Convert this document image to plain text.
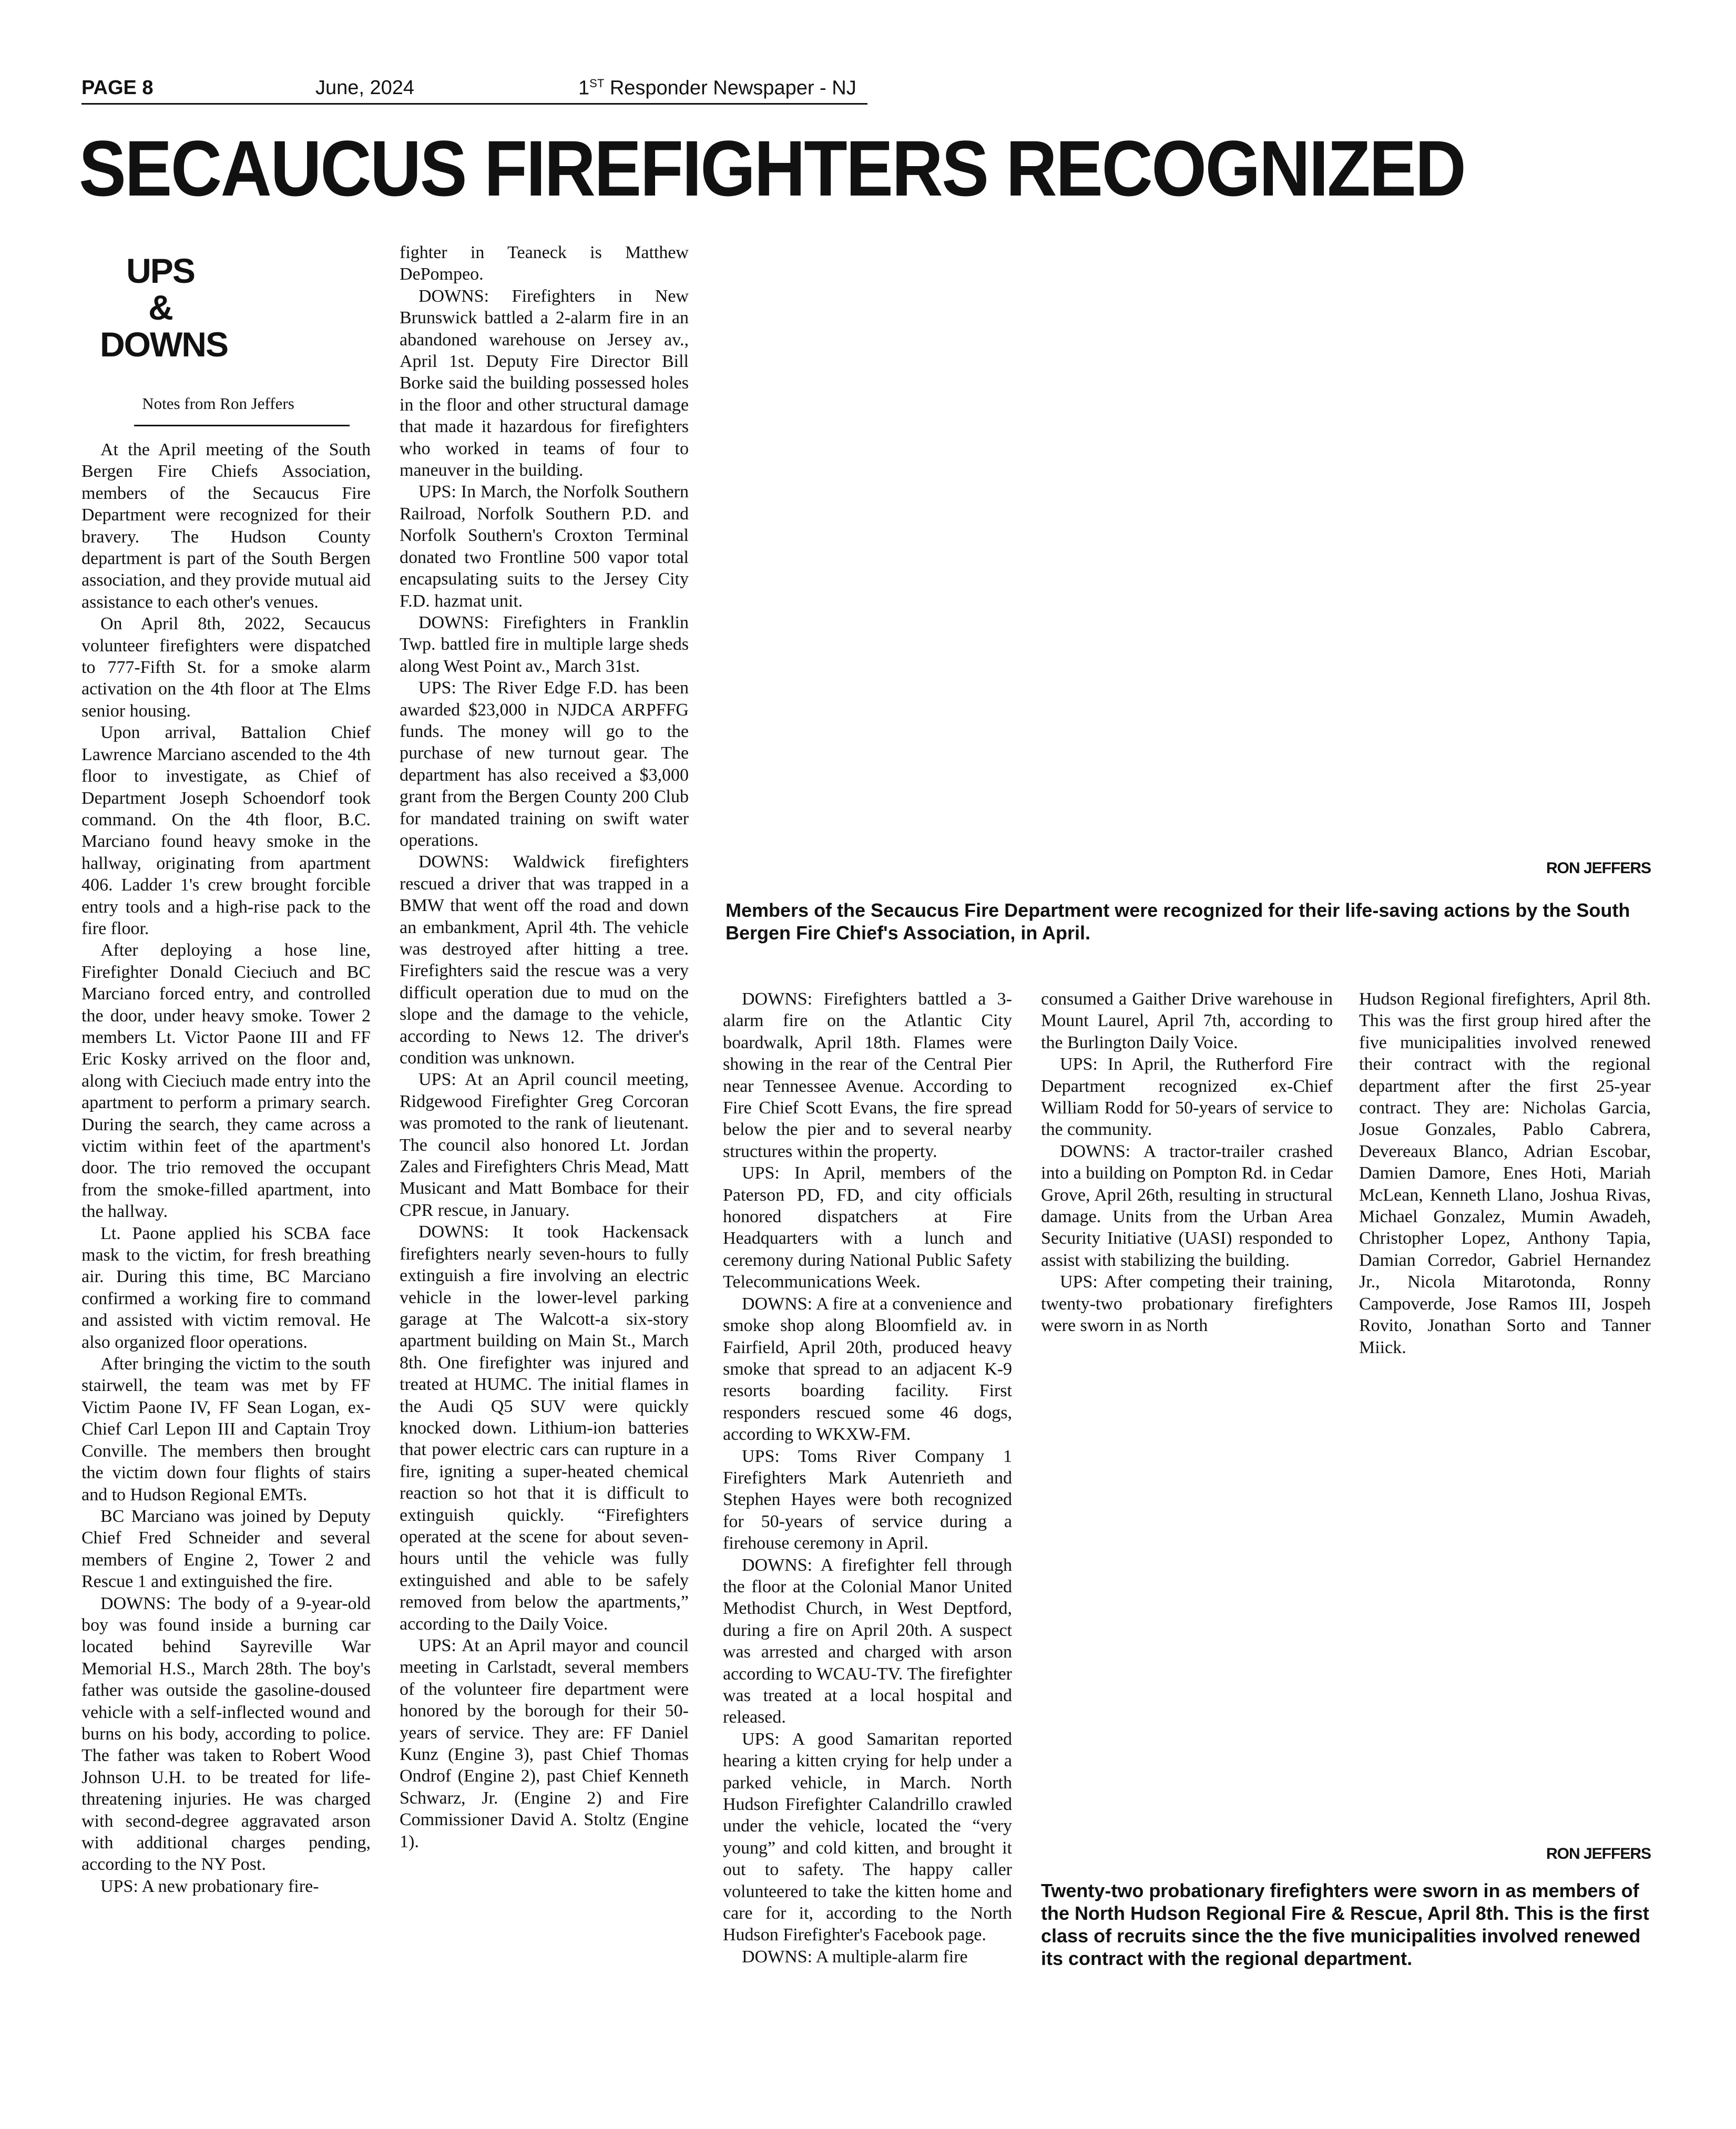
PAGE 8	June, 2024	1ST Responder Newspaper - NJ
SECAUCUS FIREFIGHTERS RECOGNIZED
UPS
&
DOWNS
Notes from Ron Jeffers

At the April meeting of the South Bergen Fire Chiefs Association, members of the Secaucus Fire Department were recognized for their bravery. The Hudson County department is part of the South Bergen association, and they provide mutual aid assistance to each other's venues.

On April 8th, 2022, Secaucus volunteer firefighters were dispatched to 777-Fifth St. for a smoke alarm activation on the 4th floor at The Elms senior housing.

Upon arrival, Battalion Chief Lawrence Marciano ascended to the 4th floor to investigate, as Chief of Department Joseph Schoendorf took command. On the 4th floor, B.C. Marciano found heavy smoke in the hallway, originating from apartment 406. Ladder 1's crew brought forcible entry tools and a high-rise pack to the fire floor.

After deploying a hose line, Firefighter Donald Cieciuch and BC Marciano forced entry, and controlled the door, under heavy smoke. Tower 2 members Lt. Victor Paone III and FF Eric Kosky arrived on the floor and, along with Cieciuch made entry into the apartment to perform a primary search. During the search, they came across a victim within feet of the apartment's door. The trio removed the occupant from the smoke-filled apartment, into the hallway.

Lt. Paone applied his SCBA face mask to the victim, for fresh breathing air. During this time, BC Marciano confirmed a working fire to command and assisted with victim removal. He also organized floor operations.

After bringing the victim to the south stairwell, the team was met by FF Victim Paone IV, FF Sean Logan, ex-Chief Carl Lepon III and Captain Troy Conville. The members then brought the victim down four flights of stairs and to Hudson Regional EMTs.

BC Marciano was joined by Deputy Chief Fred Schneider and several members of Engine 2, Tower 2 and Rescue 1 and extinguished the fire.

DOWNS: The body of a 9-year-old boy was found inside a burning car located behind Sayreville War Memorial H.S., March 28th. The boy's father was outside the gasoline-doused vehicle with a self-inflected wound and burns on his body, according to police. The father was taken to Robert Wood Johnson U.H. to be treated for life-threatening injuries. He was charged with second-degree aggravated arson with additional charges pending, according to the NY Post.

UPS: A new probationary fire-

fighter in Teaneck is Matthew DePompeo.

DOWNS: Firefighters in New Brunswick battled a 2-alarm fire in an abandoned warehouse on Jersey av., April 1st. Deputy Fire Director Bill Borke said the building possessed holes in the floor and other structural damage that made it hazardous for firefighters who worked in teams of four to maneuver in the building.

UPS: In March, the Norfolk Southern Railroad, Norfolk Southern P.D. and Norfolk Southern's Croxton Terminal donated two Frontline 500 vapor total encapsulating suits to the Jersey City F.D. hazmat unit.

DOWNS: Firefighters in Franklin Twp. battled fire in multiple large sheds along West Point av., March 31st.

UPS: The River Edge F.D. has been awarded $23,000 in NJDCA ARPFFG funds. The money will go to the purchase of new turnout gear. The department has also received a $3,000 grant from the Bergen County 200 Club for mandated training on swift water operations.

DOWNS: Waldwick firefighters rescued a driver that was trapped in a BMW that went off the road and down an embankment, April 4th. The vehicle was destroyed after hitting a tree. Firefighters said the rescue was a very difficult operation due to mud on the slope and the damage to the vehicle, according to News 12. The driver's condition was unknown.

UPS: At an April council meeting, Ridgewood Firefighter Greg Corcoran was promoted to the rank of lieutenant. The council also honored Lt. Jordan Zales and Firefighters Chris Mead, Matt Musicant and Matt Bombace for their CPR rescue, in January.

DOWNS: It took Hackensack firefighters nearly seven-hours to fully extinguish a fire involving an electric vehicle in the lower-level parking garage at The Walcott-a six-story apartment building on Main St., March 8th. One firefighter was injured and treated at HUMC. The initial flames in the Audi Q5 SUV were quickly knocked down. Lithium-ion batteries that power electric cars can rupture in a fire, igniting a super-heated chemical reaction so hot that it is difficult to extinguish quickly. “Firefighters operated at the scene for about seven-hours until the vehicle was fully extinguished and able to be safely removed from below the apartments,” according to the Daily Voice.

UPS: At an April mayor and council meeting in Carlstadt, several members of the volunteer fire department were honored by the borough for their 50-years of service. They are: FF Daniel Kunz (Engine 3), past Chief Thomas Ondrof (Engine 2), past Chief Kenneth Schwarz, Jr. (Engine 2) and Fire Commissioner David A. Stoltz (Engine 1).

RON JEFFERS
Members of the Secaucus Fire Department were recognized for their life-saving actions by the South Bergen Fire Chief's Association, in April.

DOWNS: Firefighters battled a 3-alarm fire on the Atlantic City boardwalk, April 18th. Flames were showing in the rear of the Central Pier near Tennessee Avenue. According to Fire Chief Scott Evans, the fire spread below the pier and to several nearby structures within the property.

UPS: In April, members of the Paterson PD, FD, and city officials honored dispatchers at Fire Headquarters with a lunch and ceremony during National Public Safety Telecommunications Week.

DOWNS: A fire at a convenience and smoke shop along Bloomfield av. in Fairfield, April 20th, produced heavy smoke that spread to an adjacent K-9 resorts boarding facility. First responders rescued some 46 dogs, according to WKXW-FM.

UPS: Toms River Company 1 Firefighters Mark Autenrieth and Stephen Hayes were both recognized for 50-years of service during a firehouse ceremony in April.

DOWNS: A firefighter fell through the floor at the Colonial Manor United Methodist Church, in West Deptford, during a fire on April 20th. A suspect was arrested and charged with arson according to WCAU-TV. The firefighter was treated at a local hospital and released.

UPS: A good Samaritan reported hearing a kitten crying for help under a parked vehicle, in March. North Hudson Firefighter Calandrillo crawled under the vehicle, located the “very young” and cold kitten, and brought it out to safety. The happy caller volunteered to take the kitten home and care for it, according to the North Hudson Firefighter's Facebook page.

DOWNS: A multiple-alarm fire

consumed a Gaither Drive warehouse in Mount Laurel, April 7th, according to the Burlington Daily Voice.

UPS: In April, the Rutherford Fire Department recognized ex-Chief William Rodd for 50-years of service to the community.

DOWNS: A tractor-trailer crashed into a building on Pompton Rd. in Cedar Grove, April 26th, resulting in structural damage. Units from the Urban Area Security Initiative (UASI) responded to assist with stabilizing the building.

UPS: After competing their training, twenty-two probationary firefighters were sworn in as North

Hudson Regional firefighters, April 8th. This was the first group hired after the five municipalities involved renewed their contract with the regional department after the first 25-year contract. They are: Nicholas Garcia, Josue Gonzales, Pablo Cabrera, Devereaux Blanco, Adrian Escobar, Damien Damore, Enes Hoti, Mariah McLean, Kenneth Llano, Joshua Rivas, Michael Gonzalez, Mumin Awadeh, Christopher Lopez, Anthony Tapia, Damian Corredor, Gabriel Hernandez Jr., Nicola Mitarotonda, Ronny Campoverde, Jose Ramos III, Jospeh Rovito, Jonathan Sorto and Tanner Miick.

RON JEFFERS
Twenty-two probationary firefighters were sworn in as members of the North Hudson Regional Fire & Rescue, April 8th. This is the first class of recruits since the the five municipalities involved renewed its contract with the regional department.
